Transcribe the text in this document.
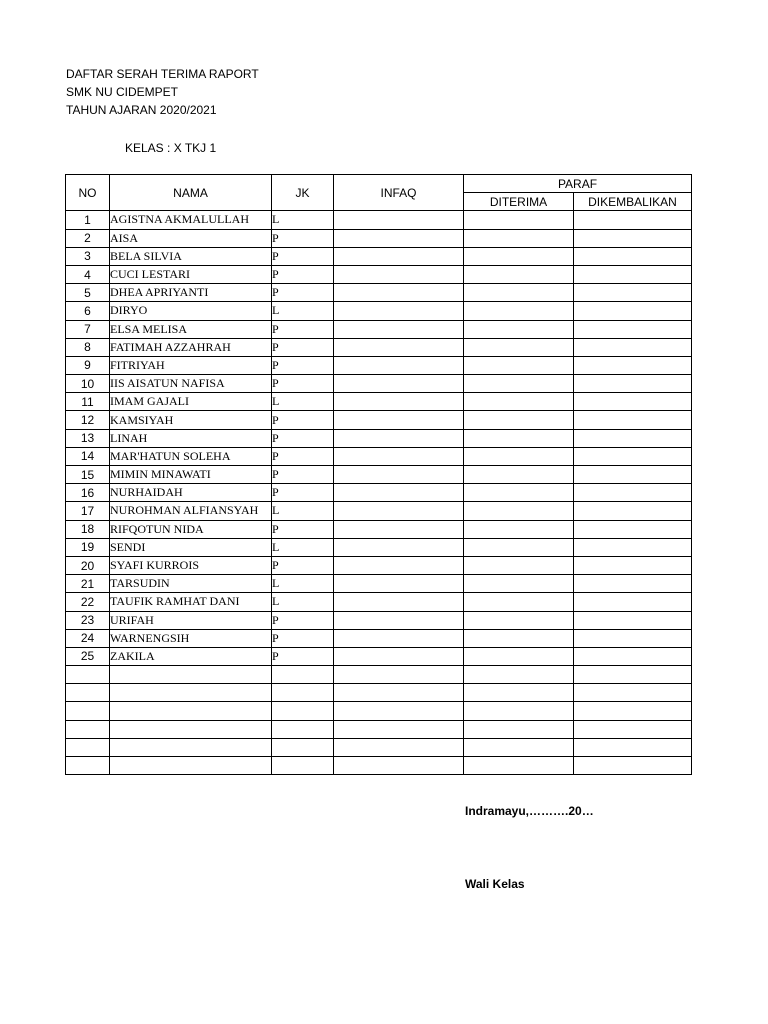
DAFTAR SERAH TERIMA RAPORT
SMK NU CIDEMPET
TAHUN AJARAN 2020/2021
KELAS : X TKJ 1
NO	NAMA	JK	INFAQ	PARAF	
				DITERIMA	DIKEMBALIKAN
1	AGISTNA AKMALULLAH	L			
2	AISA	P			
3	BELA SILVIA	P			
4	CUCI LESTARI	P			
5	DHEA APRIYANTI	P			
6	DIRYO	L			
7	ELSA MELISA	P			
8	FATIMAH AZZAHRAH	P			
9	FITRIYAH	P			
10	IIS AISATUN NAFISA	P			
11	IMAM GAJALI	L			
12	KAMSIYAH	P			
13	LINAH	P			
14	MAR'HATUN SOLEHA	P			
15	MIMIN MINAWATI	P			
16	NURHAIDAH	P			
17	NUROHMAN ALFIANSYAH	L			
18	RIFQOTUN NIDA	P			
19	SENDI	L			
20	SYAFI KURROIS	P			
21	TARSUDIN	L			
22	TAUFIK RAMHAT DANI	L			
23	URIFAH	P			
24	WARNENGSIH	P			
25	ZAKILA	P			

Indramayu,……….20…
Wali Kelas
